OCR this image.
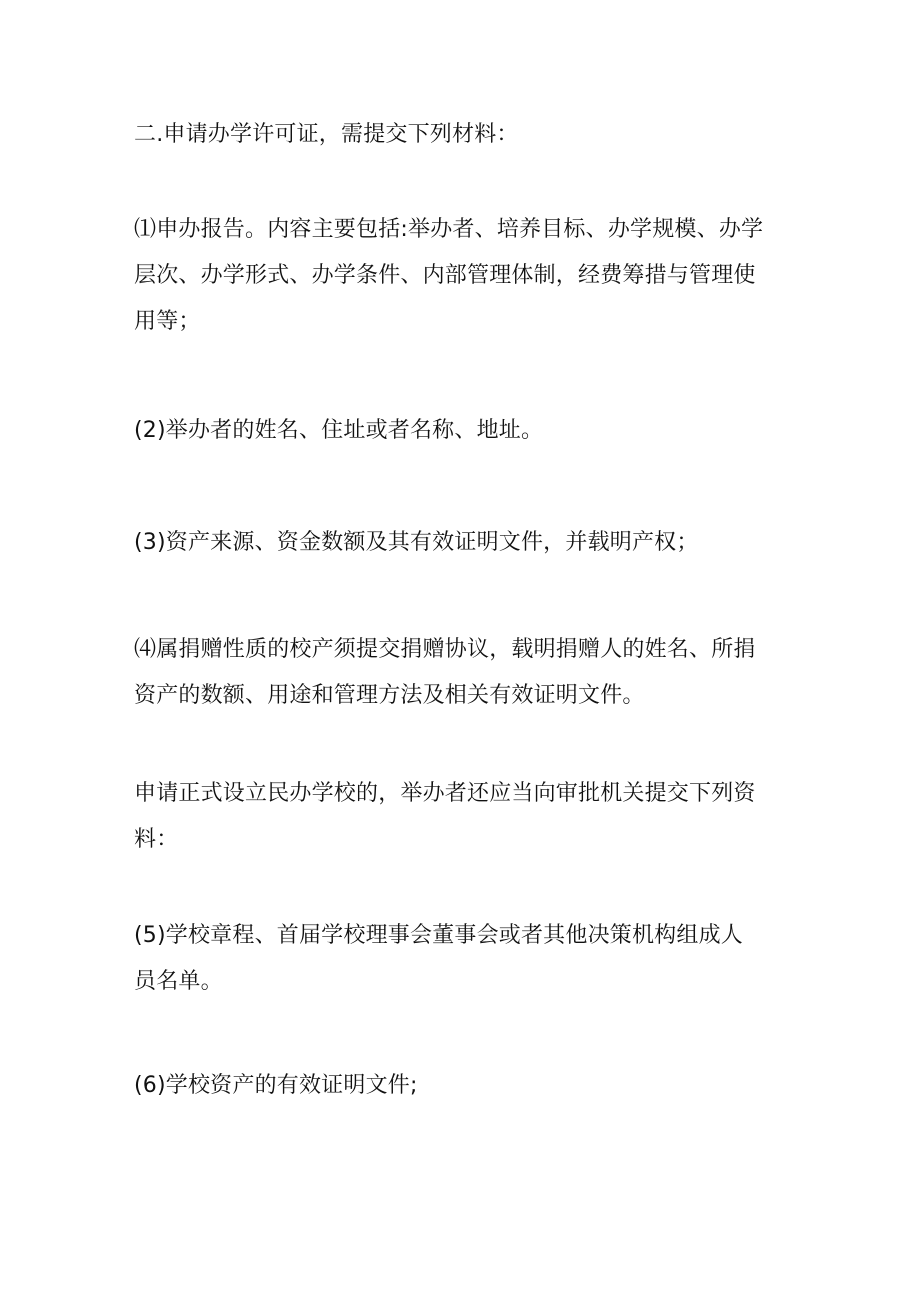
二.申请办学许可证，需提交下列材料：

⑴申办报告。内容主要包括:举办者、培养目标、办学规模、办学
层次、办学形式、办学条件、内部管理体制，经费筹措与管理使
用等；

(2)举办者的姓名、住址或者名称、地址。

(3)资产来源、资金数额及其有效证明文件，并载明产权；

⑷属捐赠性质的校产须提交捐赠协议，载明捐赠人的姓名、所捐
资产的数额、用途和管理方法及相关有效证明文件。

申请正式设立民办学校的，举办者还应当向审批机关提交下列资
料：

(5)学校章程、首届学校理事会董事会或者其他决策机构组成人
员名单。

(6)学校资产的有效证明文件;
